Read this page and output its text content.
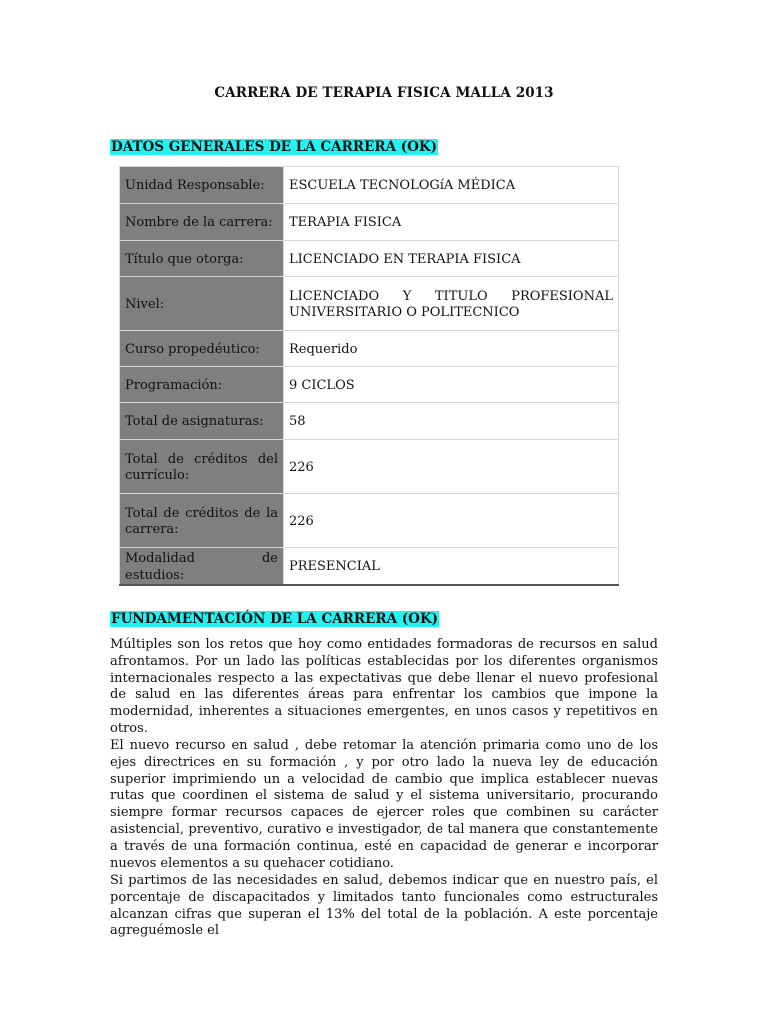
CARRERA DE TERAPIA FISICA MALLA 2013
DATOS GENERALES DE LA CARRERA (OK)
Unidad Responsable:	ESCUELA TECNOLOGíA MÉDICA
Nombre de la carrera:	TERAPIA FISICA
Título que otorga:	LICENCIADO EN TERAPIA FISICA
Nivel:	LICENCIADO Y TITULO PROFESIONAL
UNIVERSITARIO O POLITECNICO

Curso propedéutico:	Requerido
Programación:	9 CICLOS
Total de asignaturas:	58
Total de créditos del currículo:	226
Total de créditos de la carrera:	226
Modalidad de estudios:	PRESENCIAL
FUNDAMENTACIÓN DE LA CARRERA (OK)

Múltiples son los retos que hoy como entidades formadoras de recursos en salud afrontamos. Por un lado las políticas establecidas por los diferentes organismos internacionales respecto a las expectativas que debe llenar el nuevo profesional de salud en las diferentes áreas para enfrentar los cambios que impone la modernidad, inherentes a situaciones emergentes, en unos casos y repetitivos en otros.

El nuevo recurso en salud , debe retomar la atención primaria como uno de los ejes directrices en su formación , y por otro lado la nueva ley de educación superior imprimiendo un a velocidad de cambio que implica establecer nuevas rutas que coordinen el sistema de salud y el sistema universitario, procurando siempre formar recursos capaces de ejercer roles que combinen su carácter asistencial, preventivo, curativo e investigador, de tal manera que constantemente a través de una formación continua, esté en capacidad de generar e incorporar nuevos elementos a su quehacer cotidiano.

Si partimos de las necesidades en salud, debemos indicar que en nuestro país, el porcentaje de discapacitados y limitados tanto funcionales como estructurales alcanzan cifras que superan el 13% del total de la población. A este porcentaje agreguémosle el
